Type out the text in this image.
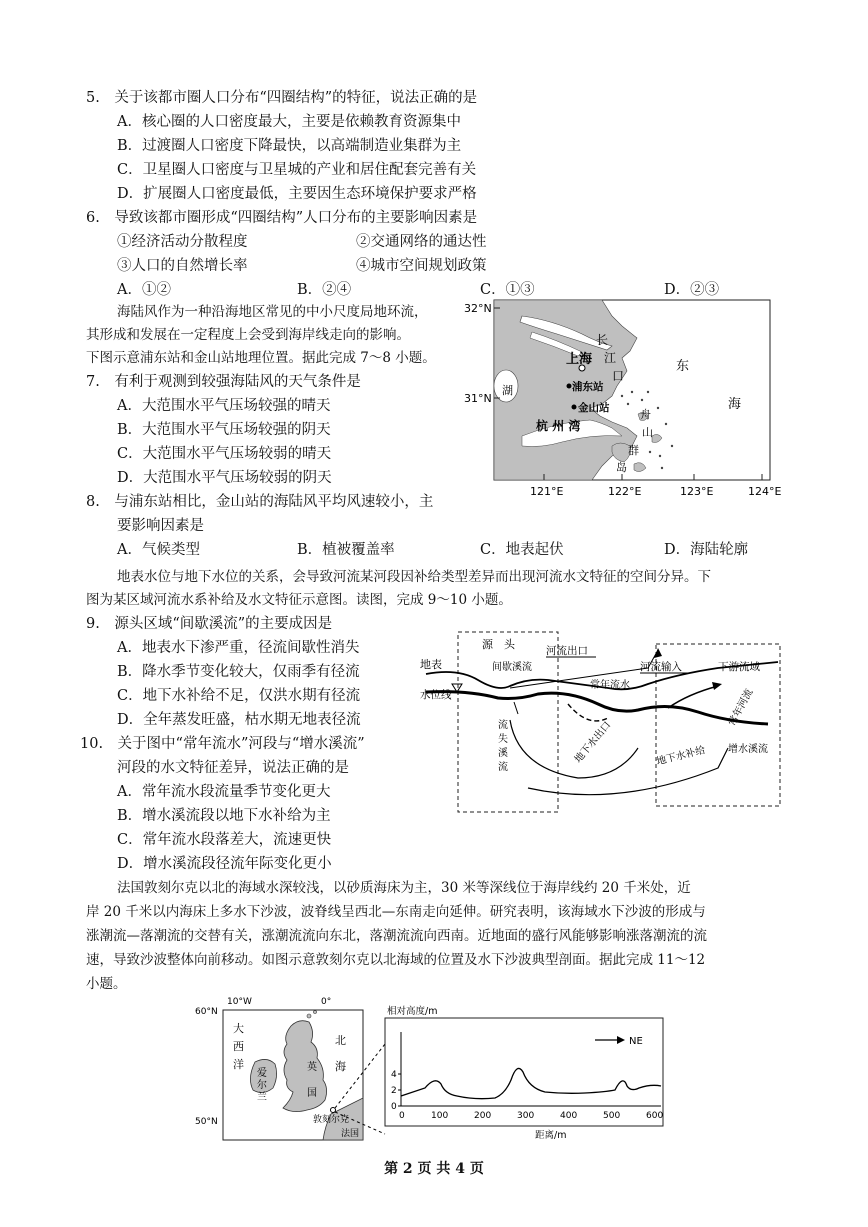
5.　关于该都市圈人口分布“四圈结构”的特征，说法正确的是
A．核心圈的人口密度最大，主要是依赖教育资源集中
B．过渡圈人口密度下降最快，以高端制造业集群为主
C．卫星圈人口密度与卫星城的产业和居住配套完善有关
D．扩展圈人口密度最低，主要因生态环境保护要求严格
6.　导致该都市圈形成“四圈结构”人口分布的主要影响因素是
①经济活动分散程度	②交通网络的通达性
③人口的自然增长率	④城市空间规划政策
A．①②	B．②④	C．①③	D．②③
海陆风作为一种沿海地区常见的中小尺度局地环流，
其形成和发展在一定程度上会受到海岸线走向的影响。
下图示意浦东站和金山站地理位置。据此完成 7～8 小题。
7.　有利于观测到较强海陆风的天气条件是
A．大范围水平气压场较强的晴天
B．大范围水平气压场较强的阴天
C．大范围水平气压场较弱的晴天
D．大范围水平气压场较弱的阴天
8.　与浦东站相比，金山站的海陆风平均风速较小，主
要影响因素是
A．气候类型	B．植被覆盖率	C．地表起伏	D．海陆轮廓
32°N
31°N
121°E	122°E	123°E	124°E
上海
浦东站
金山站
长
江
口
东
海
湖
杭 州 湾
舟
山
群
岛
地表水位与地下水位的关系，会导致河流某河段因补给类型差异而出现河流水文特征的空间分异。下
图为某区域河流水系补给及水文特征示意图。读图，完成 9～10 小题。
9.　源头区域“间歇溪流”的主要成因是
A．地表水下渗严重，径流间歇性消失
B．降水季节变化较大，仅雨季有径流
C．地下水补给不足，仅洪水期有径流
D．全年蒸发旺盛，枯水期无地表径流
10.　关于图中“常年流水”河段与“增水溪流”
河段的水文特征差异，说法正确的是
A．常年流水段流量季节变化更大
B．增水溪流段以地下水补给为主
C．常年流水段落差大，流速更快
D．增水溪流段径流年际变化更小
源　头	河流出口
河流输入	下游流域
地表
水位线
间歇溪流
常年流水
流
失
溪
流
地下水出口	地下水补给 增水溪流
常年河流
法国敦刻尔克以北的海域水深较浅，以砂质海床为主，30 米等深线位于海岸线约 20 千米处，近
岸 20 千米以内海床上多水下沙波，波脊线呈西北—东南走向延伸。研究表明，该海域水下沙波的形成与
涨潮流—落潮流的交替有关，涨潮流流向东北，落潮流流向西南。近地面的盛行风能够影响涨落潮流的流
速，导致沙波整体向前移动。如图示意敦刻尔克以北海域的位置及水下沙波典型剖面。据此完成 11～12
小题。
10°W	0°
60°N
50°N
大
西
洋
北
海
爱
尔
兰
英
国
敦刻尔克
法国
相对高度/m
距离/m
0
2
4
0	100	200	300	400	500	600
NE
第 2 页 共 4 页
